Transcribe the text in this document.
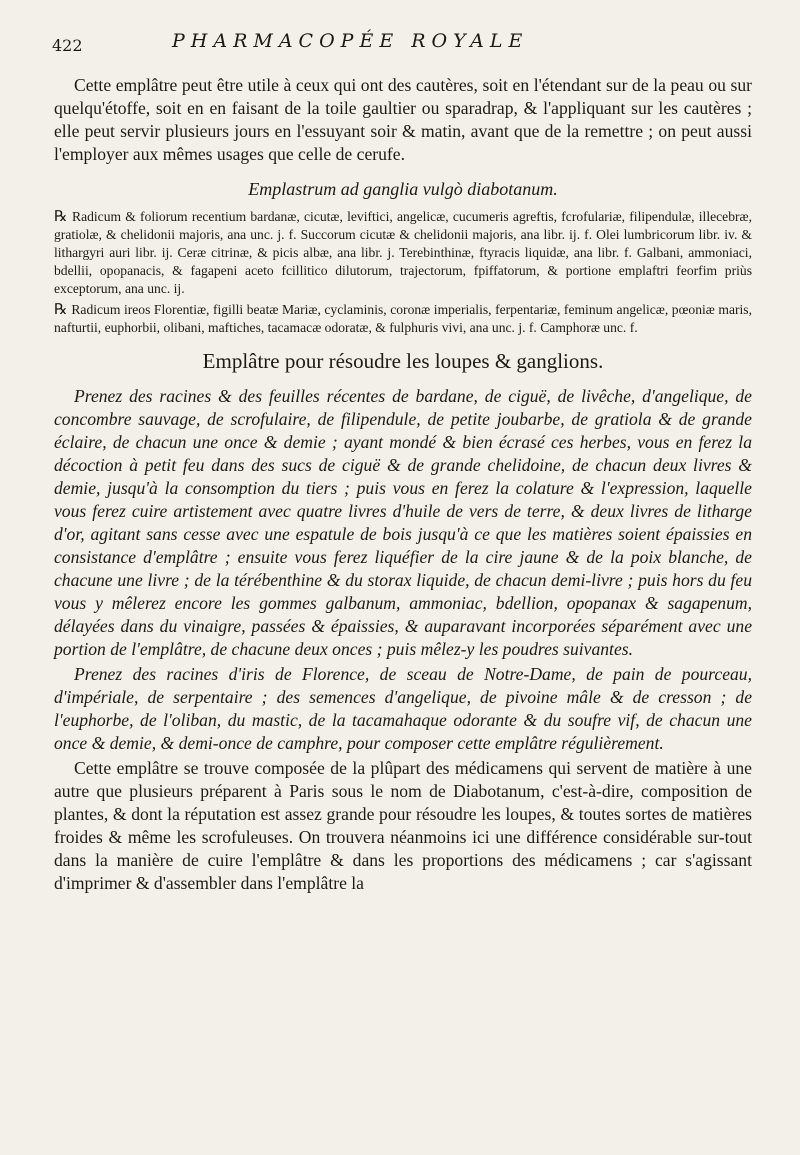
422	PHARMACOPÉE ROYALE

Cette emplâtre peut être utile à ceux qui ont des cautères, soit en l'étendant sur de la peau ou sur quelqu'étoffe, soit en en faisant de la toile gaultier ou sparadrap, & l'appliquant sur les cautères ; elle peut servir plusieurs jours en l'essuyant soir & matin, avant que de la remettre ; on peut aussi l'employer aux mêmes usages que celle de cerufe.

Emplastrum ad ganglia vulgò diabotanum.

℞ Radicum & foliorum recentium bardanæ, cicutæ, leviftici, angelicæ, cucumeris agreftis, fcrofulariæ, filipendulæ, illecebræ, gratiolæ, & chelidonii majoris, ana unc. j. f. Succorum cicutæ & chelidonii majoris, ana libr. ij. f. Olei lumbricorum libr. iv. & lithargyri auri libr. ij. Ceræ citrinæ, & picis albæ, ana libr. j. Terebinthinæ, ftyracis liquidæ, ana libr. f. Galbani, ammoniaci, bdellii, opopanacis, & fagapeni aceto fcillitico dilutorum, trajectorum, fpiffatorum, & portione emplaftri feorfim priùs exceptorum, ana unc. ij.

℞ Radicum ireos Florentiæ, figilli beatæ Mariæ, cyclaminis, coronæ imperialis, ferpentariæ, feminum angelicæ, pœoniæ maris, nafturtii, euphorbii, olibani, maftiches, tacamacæ odoratæ, & fulphuris vivi, ana unc. j. f. Camphoræ unc. f.

Emplâtre pour résoudre les loupes & ganglions.

Prenez des racines & des feuilles récentes de bardane, de ciguë, de livêche, d'angelique, de concombre sauvage, de scrofulaire, de filipendule, de petite joubarbe, de gratiola & de grande éclaire, de chacun une once & demie ; ayant mondé & bien écrasé ces herbes, vous en ferez la décoction à petit feu dans des sucs de ciguë & de grande chelidoine, de chacun deux livres & demie, jusqu'à la consomption du tiers ; puis vous en ferez la colature & l'expression, laquelle vous ferez cuire artistement avec quatre livres d'huile de vers de terre, & deux livres de litharge d'or, agitant sans cesse avec une espatule de bois jusqu'à ce que les matières soient épaissies en consistance d'emplâtre ; ensuite vous ferez liquéfier de la cire jaune & de la poix blanche, de chacune une livre ; de la térébenthine & du storax liquide, de chacun demi-livre ; puis hors du feu vous y mêlerez encore les gommes galbanum, ammoniac, bdellion, opopanax & sagapenum, délayées dans du vinaigre, passées & épaissies, & auparavant incorporées séparément avec une portion de l'emplâtre, de chacune deux onces ; puis mêlez-y les poudres suivantes.

Prenez des racines d'iris de Florence, de sceau de Notre-Dame, de pain de pourceau, d'impériale, de serpentaire ; des semences d'angelique, de pivoine mâle & de cresson ; de l'euphorbe, de l'oliban, du mastic, de la tacamahaque odorante & du soufre vif, de chacun une once & demie, & demi-once de camphre, pour composer cette emplâtre régulièrement.

Cette emplâtre se trouve composée de la plûpart des médicamens qui servent de matière à une autre que plusieurs préparent à Paris sous le nom de Diabotanum, c'est-à-dire, composition de plantes, & dont la réputation est assez grande pour résoudre les loupes, & toutes sortes de matières froides & même les scrofuleuses. On trouvera néanmoins ici une différence considérable sur-tout dans la manière de cuire l'emplâtre & dans les proportions des médicamens ; car s'agissant d'imprimer & d'assembler dans l'emplâtre la
